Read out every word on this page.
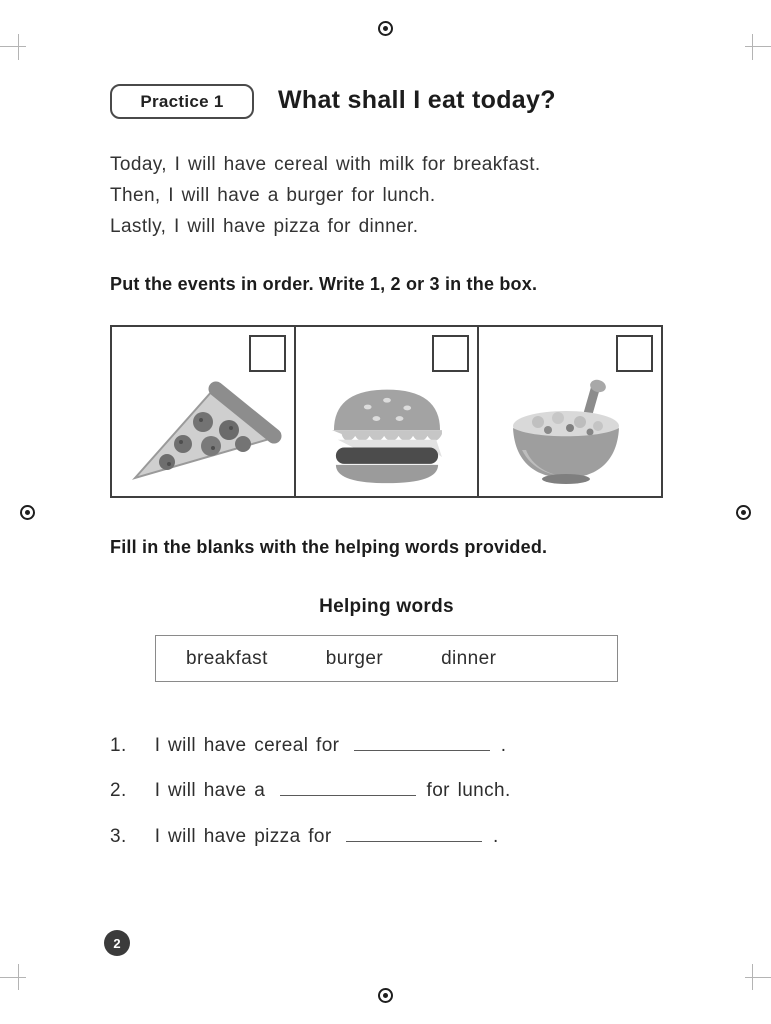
Practice 1 What shall I eat today?

Today, I will have cereal with milk for breakfast.

Then, I will have a burger for lunch.

Lastly, I will have pizza for dinner.

Put the events in order. Write 1, 2 or 3 in the box.

Fill in the blanks with the helping words provided.

Helping words
breakfast	burger	dinner
1. I will have cereal for	.
2. I will have a	for lunch.
3. I will have pizza for	.
2
